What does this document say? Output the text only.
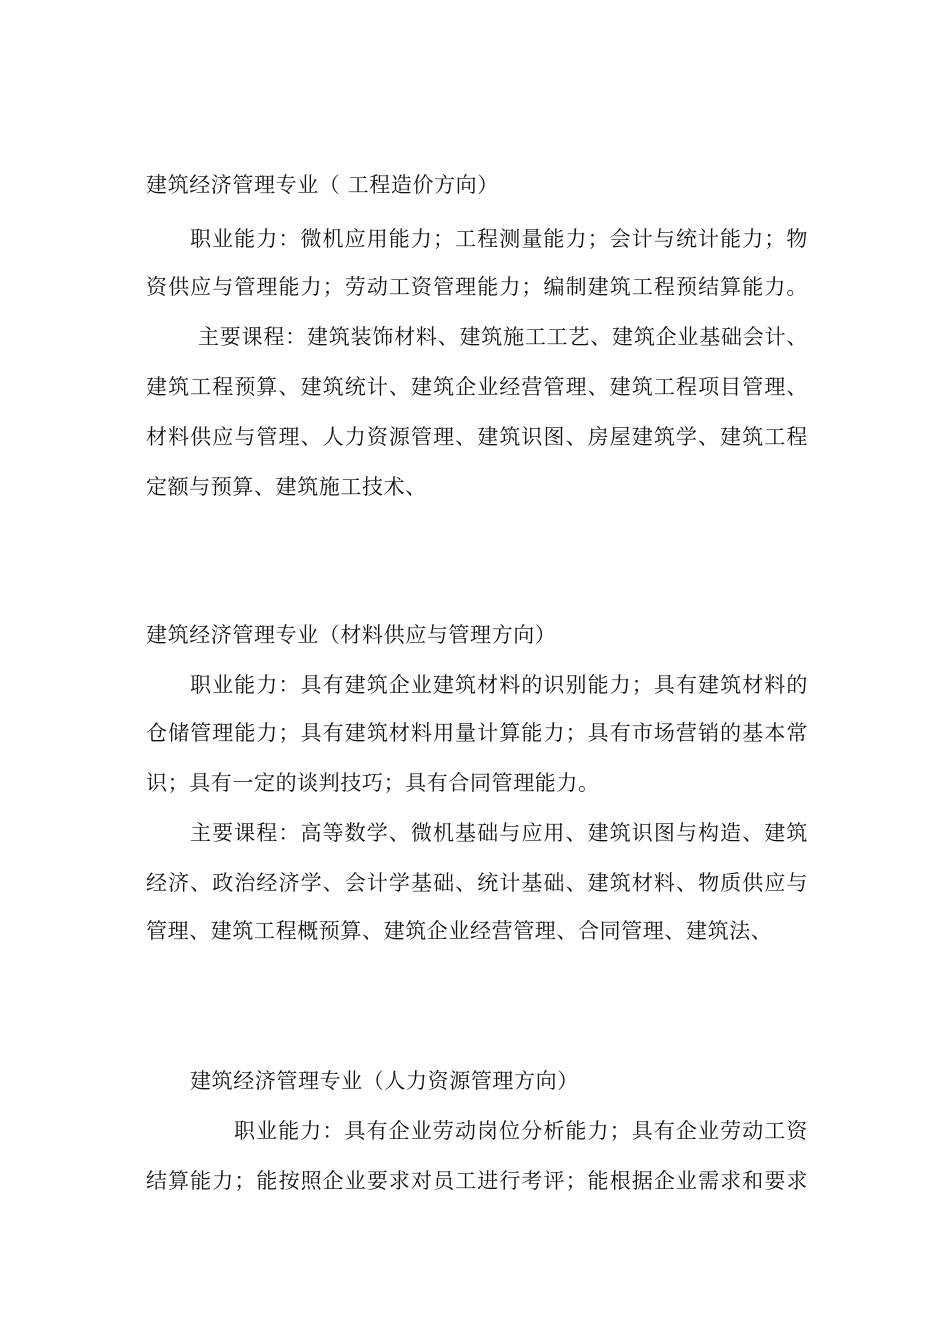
建筑经济管理专业（ 工程造价方向）
职业能力：微机应用能力；工程测量能力；会计与统计能力；物
资供应与管理能力；劳动工资管理能力；编制建筑工程预结算能力。
主要课程：建筑装饰材料、建筑施工工艺、建筑企业基础会计、
建筑工程预算、建筑统计、建筑企业经营管理、建筑工程项目管理、
材料供应与管理、人力资源管理、建筑识图、房屋建筑学、建筑工程
定额与预算、建筑施工技术、
建筑经济管理专业（材料供应与管理方向）
职业能力：具有建筑企业建筑材料的识别能力；具有建筑材料的
仓储管理能力；具有建筑材料用量计算能力；具有市场营销的基本常
识；具有一定的谈判技巧；具有合同管理能力。
主要课程：高等数学、微机基础与应用、建筑识图与构造、建筑
经济、政治经济学、会计学基础、统计基础、建筑材料、物质供应与
管理、建筑工程概预算、建筑企业经营管理、合同管理、建筑法、
建筑经济管理专业（人力资源管理方向）
职业能力：具有企业劳动岗位分析能力；具有企业劳动工资
结算能力；能按照企业要求对员工进行考评；能根据企业需求和要求
